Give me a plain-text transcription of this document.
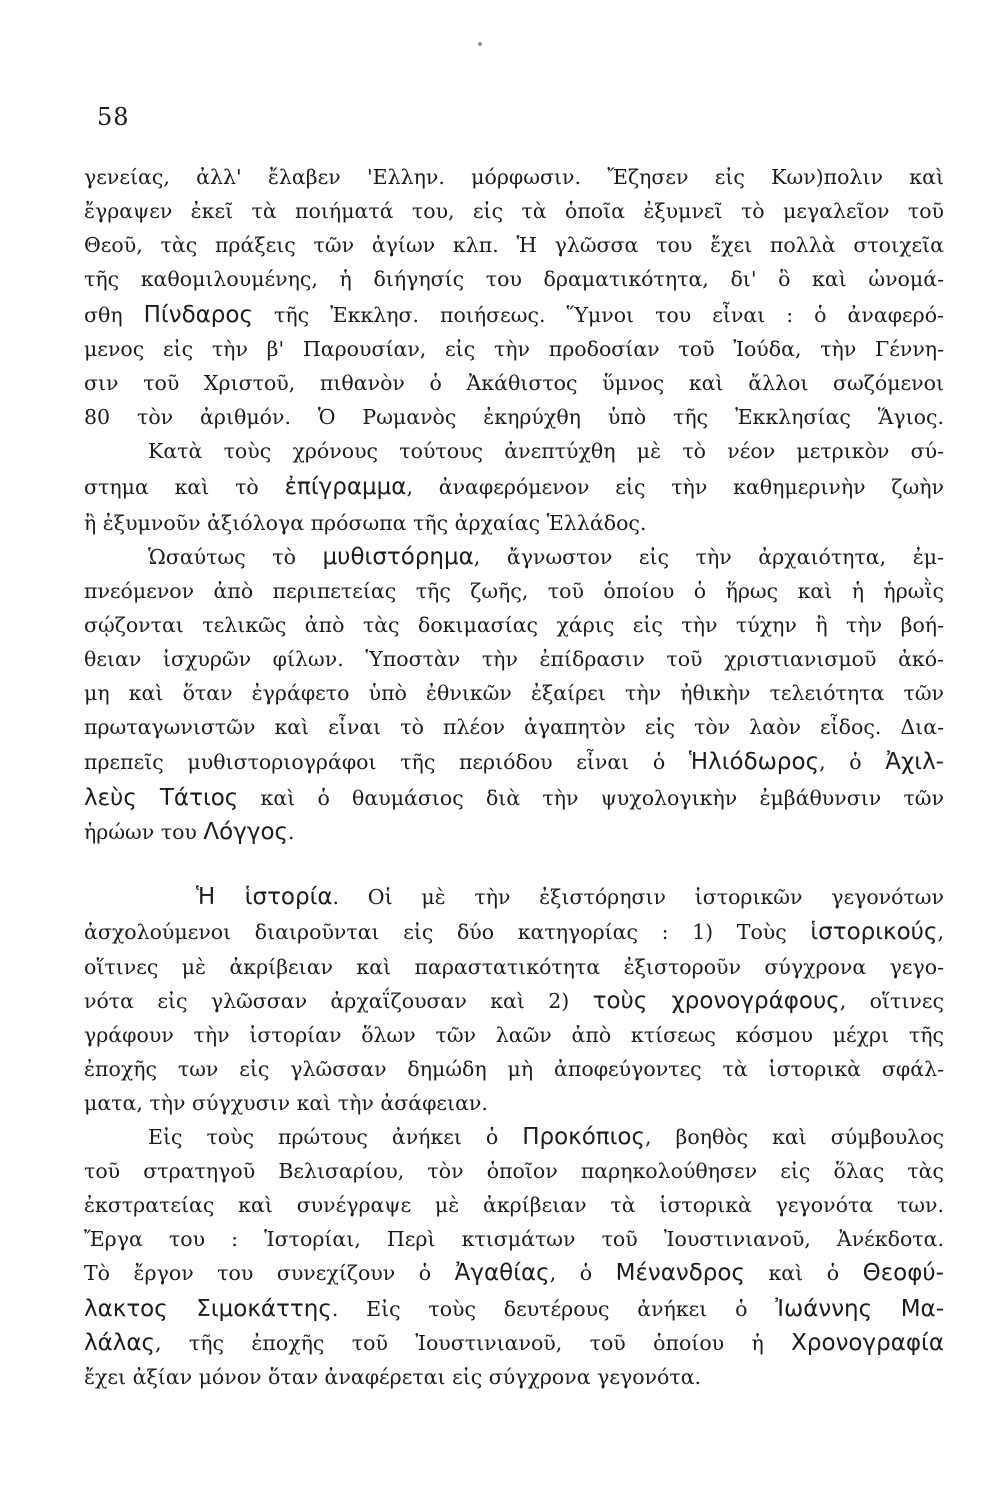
58
γενείας, ἀλλ' ἔλαβεν 'Ελλην. μόρφωσιν. Ἔζησεν εἰς Κων)πολιν καὶ
ἔγραψεν ἐκεῖ τὰ ποιήματά του, εἰς τὰ ὁποῖα ἐξυμνεῖ τὸ μεγαλεῖον τοῦ
Θεοῦ, τὰς πράξεις τῶν ἁγίων κλπ. Ἡ γλῶσσα του ἔχει πολλὰ στοιχεῖα
τῆς καθομιλουμένης, ἡ διήγησίς του δραματικότητα, δι' ὃ καὶ ὠνομά-
σθη Πίνδαρος τῆς Ἐκκλησ. ποιήσεως. Ὕμνοι του εἶναι : ὁ ἀναφερό-
μενος εἰς τὴν β' Παρουσίαν, εἰς τὴν προδοσίαν τοῦ Ἰούδα, τὴν Γέννη-
σιν τοῦ Χριστοῦ, πιθανὸν ὁ Ἀκάθιστος ὕμνος καὶ ἄλλοι σωζόμενοι
80 τὸν ἀριθμόν. Ὁ Ρωμανὸς ἐκηρύχθη ὑπὸ τῆς Ἐκκλησίας Ἅγιος.
Κατὰ τοὺς χρόνους τούτους ἀνεπτύχθη μὲ τὸ νέον μετρικὸν σύ-
στημα καὶ τὸ ἐπίγραμμα, ἀναφερόμενον εἰς τὴν καθημερινὴν ζωὴν
ἢ ἐξυμνοῦν ἀξιόλογα πρόσωπα τῆς ἀρχαίας Ἑλλάδος.
Ὡσαύτως τὸ μυθιστόρημα, ἄγνωστον εἰς τὴν ἀρχαιότητα, ἐμ-
πνεόμενον ἀπὸ περιπετείας τῆς ζωῆς, τοῦ ὁποίου ὁ ἥρως καὶ ἡ ἡρωῒς
σῴζονται τελικῶς ἀπὸ τὰς δοκιμασίας χάρις εἰς τὴν τύχην ἢ τὴν βοή-
θειαν ἰσχυρῶν φίλων. Ὑποστὰν τὴν ἐπίδρασιν τοῦ χριστιανισμοῦ ἀκό-
μη καὶ ὅταν ἐγράφετο ὑπὸ ἐθνικῶν ἐξαίρει τὴν ἠθικὴν τελειότητα τῶν
πρωταγωνιστῶν καὶ εἶναι τὸ πλέον ἀγαπητὸν εἰς τὸν λαὸν εἶδος. Δια-
πρεπεῖς μυθιστοριογράφοι τῆς περιόδου εἶναι ὁ Ἡλιόδωρος, ὁ Ἀχιλ-
λεὺς Τάτιος καὶ ὁ θαυμάσιος διὰ τὴν ψυχολογικὴν ἐμβάθυνσιν τῶν
ἡρώων του Λόγγος.
Ἡ ἱστορία. Οἱ μὲ τὴν ἐξιστόρησιν ἱστορικῶν γεγονότων
ἀσχολούμενοι διαιροῦνται εἰς δύο κατηγορίας : 1) Τοὺς ἱστορικούς,
οἵτινες μὲ ἀκρίβειαν καὶ παραστατικότητα ἐξιστοροῦν σύγχρονα γεγο-
νότα εἰς γλῶσσαν ἀρχαΐζουσαν καὶ 2) τοὺς χρονογράφους, οἵτινες
γράφουν τὴν ἱστορίαν ὅλων τῶν λαῶν ἀπὸ κτίσεως κόσμου μέχρι τῆς
ἐποχῆς των εἰς γλῶσσαν δημώδη μὴ ἀποφεύγοντες τὰ ἱστορικὰ σφάλ-
ματα, τὴν σύγχυσιν καὶ τὴν ἀσάφειαν.
Εἰς τοὺς πρώτους ἀνήκει ὁ Προκόπιος, βοηθὸς καὶ σύμβουλος
τοῦ στρατηγοῦ Βελισαρίου, τὸν ὁποῖον παρηκολούθησεν εἰς ὅλας τὰς
ἐκστρατείας καὶ συνέγραψε μὲ ἀκρίβειαν τὰ ἱστορικὰ γεγονότα των.
Ἔργα του : Ἱστορίαι, Περὶ κτισμάτων τοῦ Ἰουστινιανοῦ, Ἀνέκδοτα.
Τὸ ἔργον του συνεχίζουν ὁ Ἀγαθίας, ὁ Μένανδρος καὶ ὁ Θεοφύ-
λακτος Σιμοκάττης. Εἰς τοὺς δευτέρους ἀνήκει ὁ Ἰωάννης Μα-
λάλας, τῆς ἐποχῆς τοῦ Ἰουστινιανοῦ, τοῦ ὁποίου ἡ Χρονογραφία
ἔχει ἀξίαν μόνον ὅταν ἀναφέρεται εἰς σύγχρονα γεγονότα.
